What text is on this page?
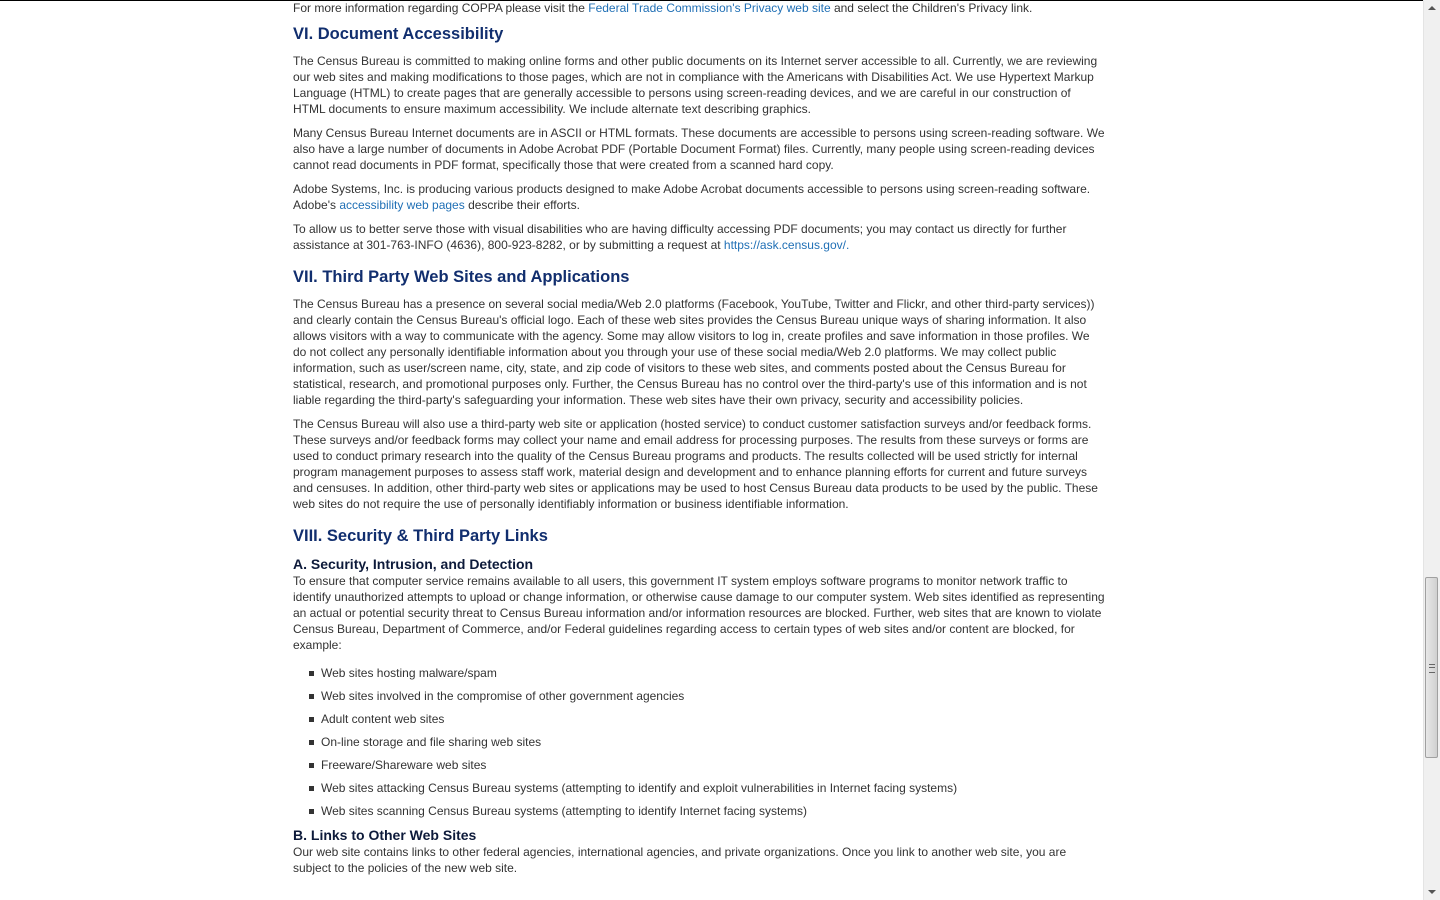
For more information regarding COPPA please visit the Federal Trade Commission's Privacy web site and select the Children's Privacy link.

VI. Document Accessibility

The Census Bureau is committed to making online forms and other public documents on its Internet server accessible to all. Currently, we are reviewing our web sites and making modifications to those pages, which are not in compliance with the Americans with Disabilities Act. We use Hypertext Markup Language (HTML) to create pages that are generally accessible to persons using screen-reading devices, and we are careful in our construction of HTML documents to ensure maximum accessibility. We include alternate text describing graphics.

Many Census Bureau Internet documents are in ASCII or HTML formats. These documents are accessible to persons using screen-reading software. We also have a large number of documents in Adobe Acrobat PDF (Portable Document Format) files. Currently, many people using screen-reading devices cannot read documents in PDF format, specifically those that were created from a scanned hard copy.

Adobe Systems, Inc. is producing various products designed to make Adobe Acrobat documents accessible to persons using screen-reading software. Adobe's accessibility web pages describe their efforts.

To allow us to better serve those with visual disabilities who are having difficulty accessing PDF documents; you may contact us directly for further assistance at 301-763-INFO (4636), 800-923-8282, or by submitting a request at https://ask.census.gov/.

VII. Third Party Web Sites and Applications

The Census Bureau has a presence on several social media/Web 2.0 platforms (Facebook, YouTube, Twitter and Flickr, and other third-party services)) and clearly contain the Census Bureau's official logo. Each of these web sites provides the Census Bureau unique ways of sharing information. It also allows visitors with a way to communicate with the agency. Some may allow visitors to log in, create profiles and save information in those profiles. We do not collect any personally identifiable information about you through your use of these social media/Web 2.0 platforms. We may collect public information, such as user/screen name, city, state, and zip code of visitors to these web sites, and comments posted about the Census Bureau for statistical, research, and promotional purposes only. Further, the Census Bureau has no control over the third-party's use of this information and is not liable regarding the third-party's safeguarding your information. These web sites have their own privacy, security and accessibility policies.

The Census Bureau will also use a third-party web site or application (hosted service) to conduct customer satisfaction surveys and/or feedback forms. These surveys and/or feedback forms may collect your name and email address for processing purposes. The results from these surveys or forms are used to conduct primary research into the quality of the Census Bureau programs and products. The results collected will be used strictly for internal program management purposes to assess staff work, material design and development and to enhance planning efforts for current and future surveys and censuses. In addition, other third-party web sites or applications may be used to host Census Bureau data products to be used by the public. These web sites do not require the use of personally identifiably information or business identifiable information.

VIII. Security & Third Party Links
A. Security, Intrusion, and Detection

To ensure that computer service remains available to all users, this government IT system employs software programs to monitor network traffic to identify unauthorized attempts to upload or change information, or otherwise cause damage to our computer system. Web sites identified as representing an actual or potential security threat to Census Bureau information and/or information resources are blocked. Further, web sites that are known to violate Census Bureau, Department of Commerce, and/or Federal guidelines regarding access to certain types of web sites and/or content are blocked, for example:

Web sites hosting malware/spam
Web sites involved in the compromise of other government agencies
Adult content web sites
On-line storage and file sharing web sites
Freeware/Shareware web sites
Web sites attacking Census Bureau systems (attempting to identify and exploit vulnerabilities in Internet facing systems)
Web sites scanning Census Bureau systems (attempting to identify Internet facing systems)
B. Links to Other Web Sites

Our web site contains links to other federal agencies, international agencies, and private organizations. Once you link to another web site, you are subject to the policies of the new web site.
